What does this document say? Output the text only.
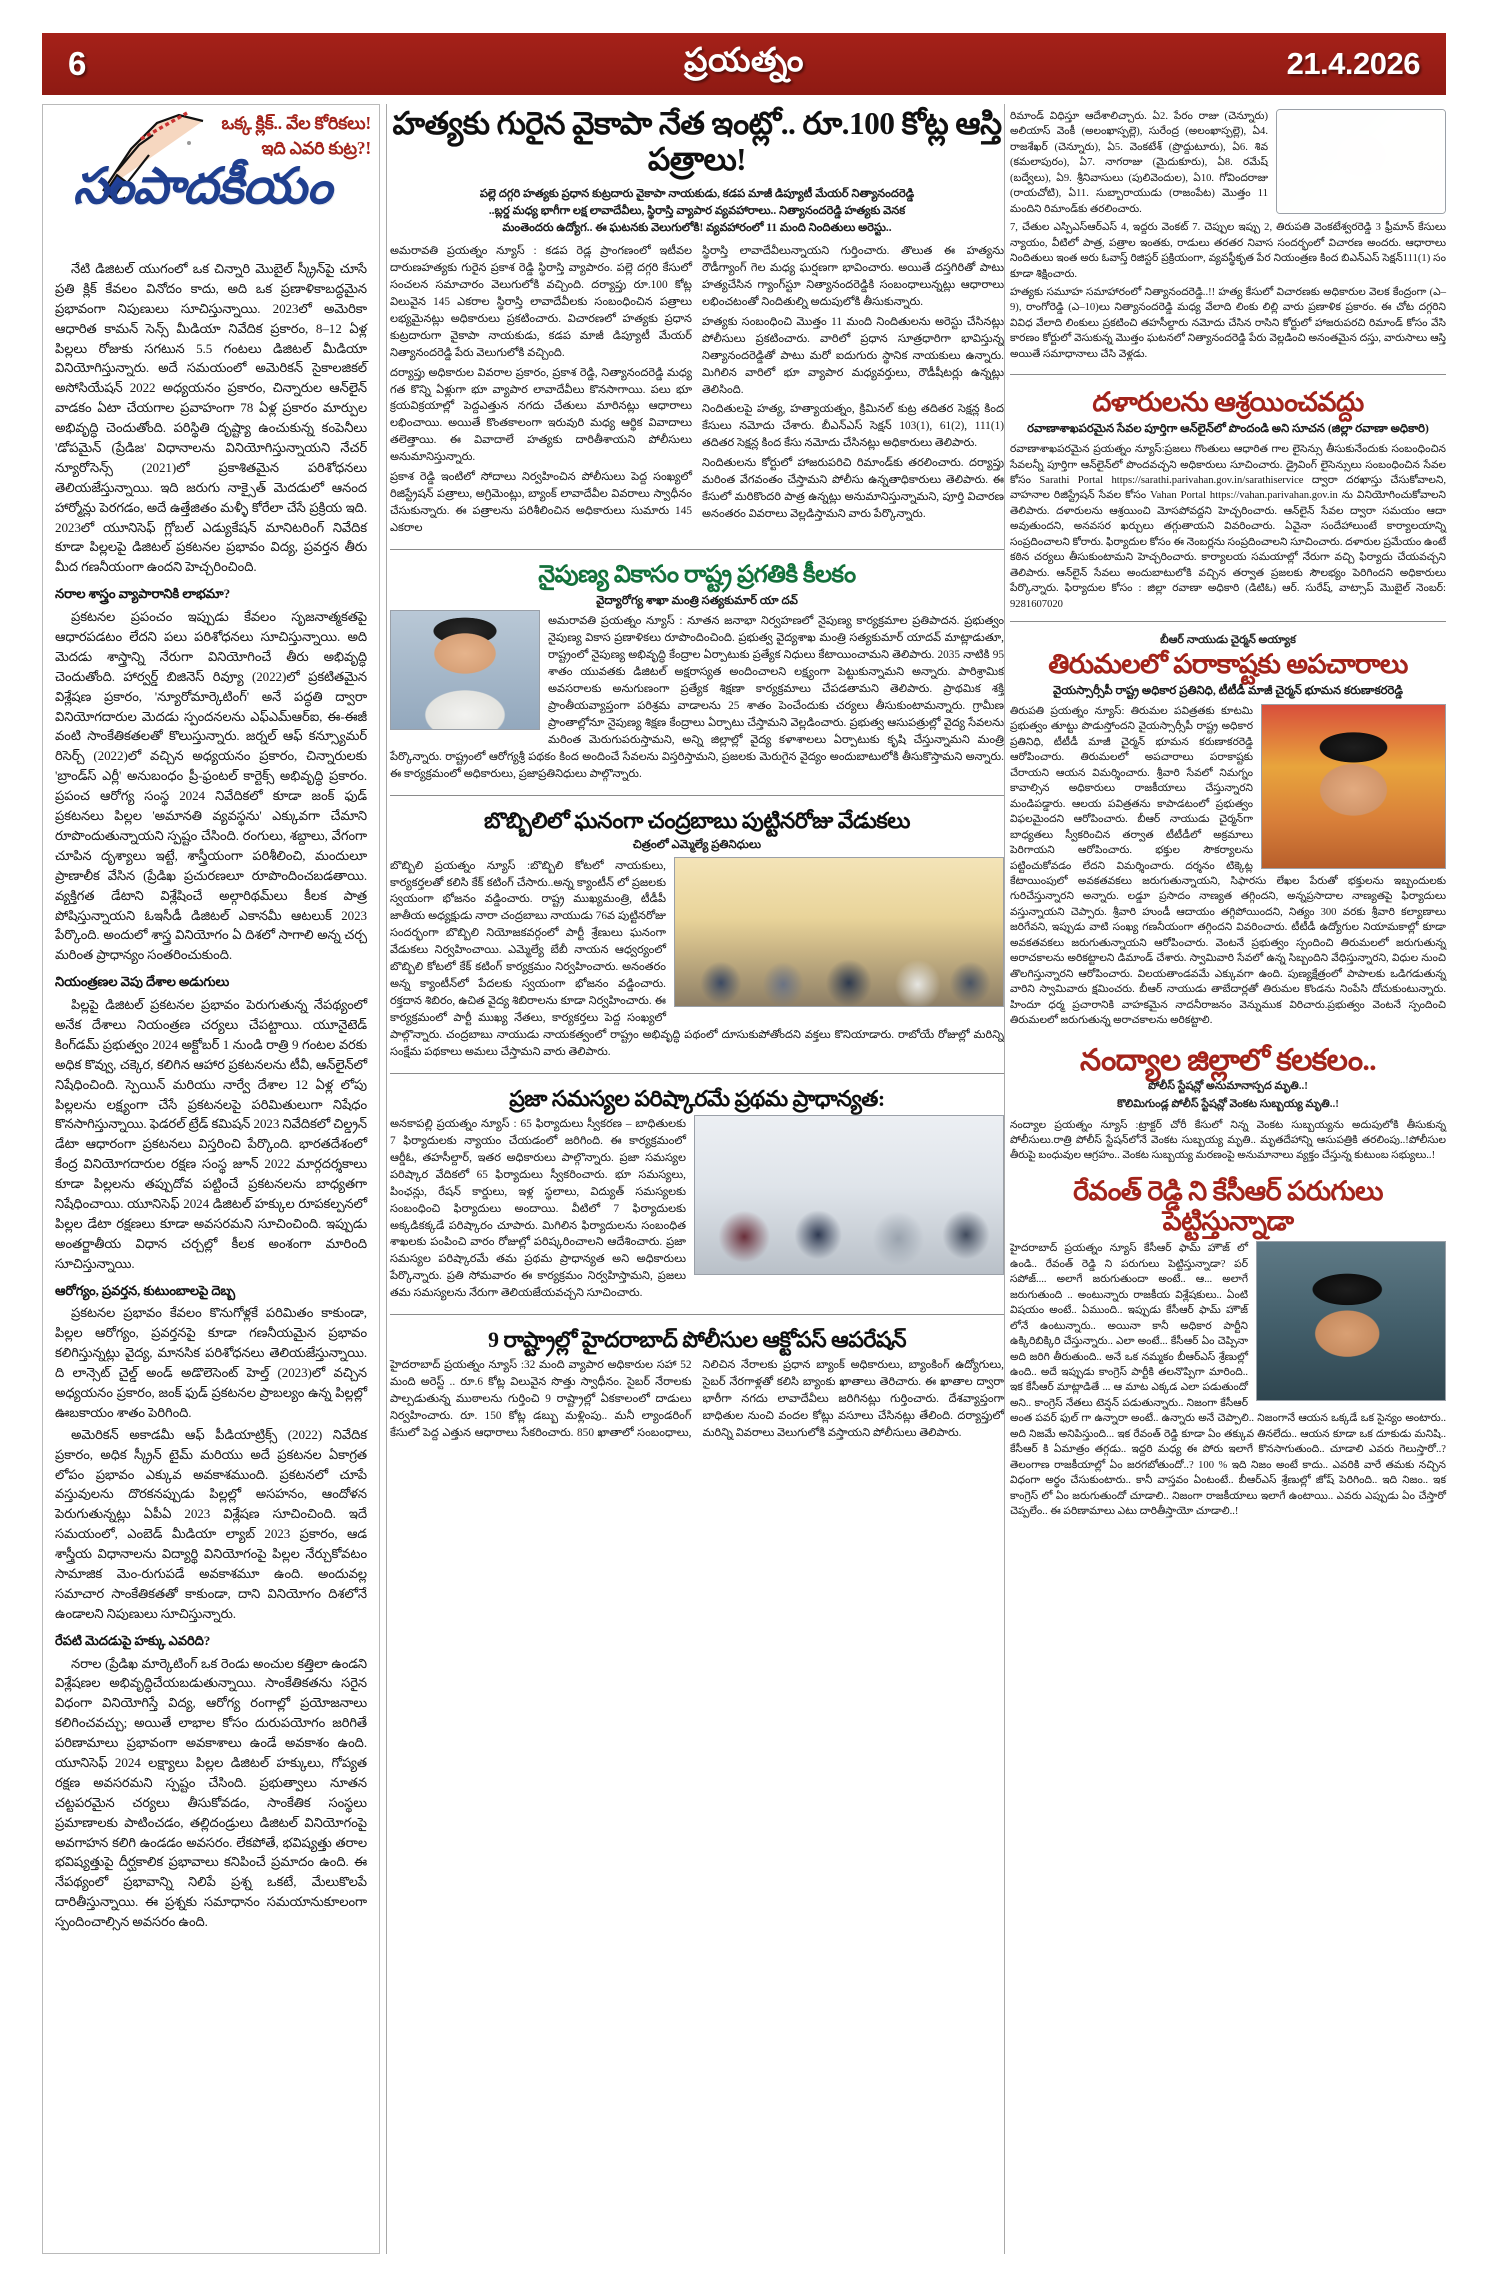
6	ప్రయత్నం	21.4.2026
ఒక్క క్లిక్.. వేల కోరికలు!
ఇది ఎవరి కుట్ర?!
సంపాదకీయం

నేటి డిజిటల్ యుగంలో ఒక చిన్నారి మొబైల్ స్క్రీన్‌పై చూసే ప్రతి క్లిక్ కేవలం వినోదం కాదు, అది ఒక ప్రణాళికాబద్ధమైన ప్రభావంగా నిపుణులు సూచిస్తున్నాయి. 2023లో అమెరికా ఆధారిత కామన్ సెన్స్ మీడియా నివేదిక ప్రకారం, 8–12 ఏళ్ల పిల్లలు రోజుకు సగటున 5.5 గంటలు డిజిటల్ మీడియా వినియోగిస్తున్నారు. అదే సమయంలో అమెరికన్ సైకాలజికల్ అసోసియేషన్ 2022 అధ్యయనం ప్రకారం, చిన్నారుల ఆన్‌లైన్ వాడకం ఏటా చేయగాల ప్రవాహంగా 78 ఏళ్ల ప్రకారం మార్పుల అభివృద్ధి చెందుతోంది. పరిస్థితి దృష్ట్యా ఉంచుకున్న కంపెనీలు 'డోపమైన్ (ప్రేడిజ' విధానాలను వినియోగిస్తున్నాయని నేచర్ న్యూరోసెన్స్ (2021)లో ప్రకాశితమైన పరిశోధనలు తెలియజేస్తున్నాయి. ఇది జరుగు నాక్సైత్ మెదడులో ఆనంద హార్మోన్లు పెరగడం, అదే ఉత్తేజితం మళ్ళీ కోరేలా చేసే ప్రక్రియ ఇది. 2023లో యూనిసెఫ్ గ్లోబల్ ఎడ్యుకేషన్ మానిటరింగ్ నివేదిక కూడా పిల్లలపై డిజిటల్ ప్రకటనల ప్రభావం విద్య, ప్రవర్తన తీరు మీద గణనీయంగా ఉందని హెచ్చరించింది.

నరాల శాస్త్రం వ్యాపారానికి లాభమా?

ప్రకటనల ప్రపంచం ఇప్పుడు కేవలం సృజనాత్మకతపై ఆధారపడటం లేదని పలు పరిశోధనలు సూచిస్తున్నాయి. అది మెదడు శాస్త్రాన్ని నేరుగా వినియోగించే తీరు అభివృద్ధి చెందుతోంది. హార్వర్డ్ బిజినెస్ రివ్యూ (2022)లో ప్రకటితమైన విశ్లేషణ ప్రకారం, 'న్యూరోమార్కెటింగ్' అనే పద్ధతి ద్వారా వినియోగదారుల మెదడు స్పందనలను ఎఫ్‌ఎమ్‌ఆర్‌ఐ, ఈ-ఈజీ వంటి సాంకేతికతలతో కొలుస్తున్నారు. జర్నల్ ఆఫ్ కన్స్యూమర్ రిసెర్చ్ (2022)లో వచ్చిన అధ్యయనం ప్రకారం, చిన్నారులకు 'బ్రాండ్‌స్ ఎర్లీ' అనుబంధం ప్రీ-ఫ్రంటల్ కార్టెక్స్ అభివృద్ధి ప్రకారం. ప్రపంచ ఆరోగ్య సంస్థ 2024 నివేదికలో కూడా జంక్ ఫుడ్ ప్రకటనలు పిల్లల 'అమానతి వ్యవస్థను' ఎక్కువగా చేమాని రూపొందుతున్నాయని స్పష్టం చేసింది. రంగులు, శబ్దాలు, వేగంగా చూపిన దృశ్యాలు ఇట్టే, శాస్త్రీయంగా పరిశీలించి, మందులూ ప్రాణాలీక వేసిన (ప్రేడిఖ ప్రచురణలూ రూపొందించబడతాయి. వ్యక్తిగత డేటాని విశ్లేషించే అల్గారిథమ్‌లు కీలక పాత్ర పోషిస్తున్నాయని ఓఇసీడీ డిజిటల్ ఎకానమీ ఆటలుక్ 2023 పేర్కొంది. అందులో శాస్త్ర వినియోగం ఏ దిశలో సాగాలి అన్న చర్చ మరింత ప్రాధాన్యం సంతరించుకుంది.

నియంత్రణల వెపు దేశాల అడుగులు

పిల్లపై డిజిటల్ ప్రకటనల ప్రభావం పెరుగుతున్న నేపథ్యంలో అనేక దేశాలు నియంత్రణ చర్యలు చేపట్టాయి. యూనైటెడ్ కింగ్‌డమ్ ప్రభుత్వం 2024 అక్టోబర్ 1 నుండి రాత్రి 9 గంటల వరకు అధిక కొవ్వు, చక్కెర, కలిగిన ఆహార ప్రకటనలను టీవీ, ఆన్‌లైన్‌లో నిషేధించింది. స్పెయిన్ మరియు నార్వే దేశాల 12 ఏళ్ల లోపు పిల్లలను లక్ష్యంగా చేసే ప్రకటనలపై పరిమితులుగా నిషేధం కొనసాగిస్తున్నాయి. ఫెడరల్ ట్రేడ్ కమిషన్ 2023 నివేదికలో చిల్డ్రన్ డేటా ఆధారంగా ప్రకటనలు విస్తరించి పేర్కొంది. భారతదేశంలో కేంద్ర వినియోగదారుల రక్షణ సంస్థ జూన్ 2022 మార్గదర్శకాలు కూడా పిల్లలను తప్పుదోవ పట్టించే ప్రకటనలను బాధ్యతగా నిషేధించాయి. యూనిసెఫ్ 2024 డిజిటల్ హక్కుల రూపకల్పనలో పిల్లల డేటా రక్షణలు కూడా అవసరమని సూచించింది. ఇప్పుడు అంతర్జాతీయ విధాన చర్చల్లో కీలక అంశంగా మారింది సూచిస్తున్నాయి.

ఆరోగ్యం, ప్రవర్తన, కుటుంబాలపై దెబ్బ

ప్రకటనల ప్రభావం కేవలం కొనుగోళ్లకే పరిమితం కాకుండా, పిల్లల ఆరోగ్యం, ప్రవర్తనపై కూడా గణనీయమైన ప్రభావం కలిగిస్తున్నట్లు వైద్య, మానసిక పరిశోధనలు తెలియజేస్తున్నాయి. ది లాన్సెట్ చైల్డ్ అండ్ అడొలెసెంట్ హెల్త్ (2023)లో వచ్చిన అధ్యయనం ప్రకారం, జంక్ ఫుడ్ ప్రకటనల ప్రాబల్యం ఉన్న పిల్లల్లో ఊబకాయం శాతం పెరిగింది.

అమెరికన్ అకాడమీ ఆఫ్ పీడియాట్రిక్స్ (2022) నివేదిక ప్రకారం, అధిక స్క్రీన్ టైమ్ మరియు అదే ప్రకటనల ఏకాగ్రత లోపం ప్రభావం ఎక్కువ అవకాశముంది. ప్రకటనలో చూపే వస్తువులను దొరకనప్పుడు పిల్లల్లో అసహనం, ఆందోళన పెరుగుతున్నట్లు ఏపీఏ 2023 విశ్లేషణ సూచించింది. ఇదే సమయంలో, ఎంబెడ్ మీడియా ల్యాబ్ 2023 ప్రకారం, ఆడ శాస్త్రీయ విధానాలను విద్యార్థి వినియోగంపై పిల్లల నేర్చుకోవటం సామాజిక మెం-రుగుపడే అవకాశమూ ఉంది. అందువల్ల సమాచార సాంకేతికతతో కాకుండా, దాని వినియోగం దిశలోనే ఉండాలని నిపుణులు సూచిస్తున్నారు.

రేపటి మెదడుపై హక్కు ఎవరిది?

నరాల (ప్రేడిఖ మార్కెటింగ్‌ ఒక రెండు అంచుల కత్తిలా ఉండని విశ్లేషణల అభివృద్ధిచేయబడుతున్నాయి. సాంకేతికతను సరైన విధంగా వినియోగిస్తే విద్య, ఆరోగ్య రంగాల్లో ప్రయోజనాలు కలిగించవచ్చు; అయితే లాభాల కోసం దురుపయోగం జరిగితే పరిణామాలు ప్రభావంగా అవకాశాలు ఉండే అవకాశం ఉంది. యూనిసెఫ్ 2024 లక్ష్యాలు పిల్లల డిజిటల్ హక్కులు, గోప్యత రక్షణ అవసరమని స్పష్టం చేసింది. ప్రభుత్వాలు నూతన చట్టపరమైన చర్యలు తీసుకోవడం, సాంకేతిక సంస్థలు ప్రమాణాలకు పాటించడం, తల్లిదండ్రులు డిజిటల్ వినియోగంపై అవగాహన కలిగి ఉండడం అవసరం. లేకపోతే, భవిష్యత్తు తరాల భవిష్యత్తుపై దీర్ఘకాలిక ప్రభావాలు కనిపించే ప్రమాదం ఉంది. ఈ నేపథ్యంలో ప్రభావాన్ని నిలిపే ప్రశ్న ఒకటే, మేలుకొలపే దారితీస్తున్నాయి. ఈ ప్రశ్నకు సమాధానం సమయానుకూలంగా స్పందించాల్సిన అవసరం ఉంది.

హత్యకు గురైన వైకాపా నేత ఇంట్లో.. రూ.100 కోట్ల ఆస్తి పత్రాలు!
పల్లె దగ్గరి హత్యకు ప్రధాన కుట్రదారు వైకాపా నాయకుడు, కడప మాజీ డిప్యూటీ మేయర్ నిత్యానందరెడ్డి
..బ్లర్డ మధ్య భాగీగా లక్ష లావాదేవీలు, స్థిరాస్తి వ్యాపార వ్యవహారాలు.. నిత్యానందరెడ్డి హత్యకు వెనక
మంతెందరు ఉద్యోగ.. ఈ ఘటనకు వెలుగులోకి! వ్యవహారంలో 11 మంది నిందితులు అరెస్టు..

అమరావతి ప్రయత్నం న్యూస్ : కడప రెడ్ల ప్రాంగణంలో ఇటీవల దారుణహత్యకు గురైన ప్రకాశ రెడ్డి స్థిరాస్తి వ్యాపారం. పల్లె దగ్గరి కేసులో సంచలన సమాచారం వెలుగులోకి వచ్చింది. దర్యాప్తు రూ.100 కోట్ల విలువైన 145 ఎకరాల స్థిరాస్తి లావాదేవీలకు సంబంధించిన పత్రాలు లభ్యమైనట్లు అధికారులు ప్రకటించారు. విచారణలో హత్యకు ప్రధాన కుట్రదారుగా వైకాపా నాయకుడు, కడప మాజీ డిప్యూటీ మేయర్ నిత్యానందరెడ్డి పేరు వెలుగులోకి వచ్చింది.

దర్యాప్తు అధికారుల వివరాల ప్రకారం, ప్రకాశ రెడ్డి, నిత్యానందరెడ్డి మధ్య గత కొన్ని ఏళ్లుగా భూ వ్యాపార లావాదేవీలు కొనసాగాయి. పలు భూ క్రయవిక్రయాల్లో పెద్దఎత్తున నగదు చేతులు మారినట్లు ఆధారాలు లభించాయి. అయితే కొంతకాలంగా ఇరువురి మధ్య ఆర్థిక వివాదాలు తలెత్తాయి. ఈ వివాదాలే హత్యకు దారితీశాయని పోలీసులు అనుమానిస్తున్నారు.

ప్రకాశ రెడ్డి ఇంటిలో సోదాలు నిర్వహించిన పోలీసులు పెద్ద సంఖ్యలో రిజిస్ట్రేషన్ పత్రాలు, అగ్రిమెంట్లు, బ్యాంక్ లావాదేవీల వివరాలు స్వాధీనం చేసుకున్నారు. ఈ పత్రాలను పరిశీలించిన అధికారులు సుమారు 145 ఎకరాల

స్థిరాస్తి లావాదేవీలున్నాయని గుర్తించారు. తొలుత ఈ హత్యను రౌడీగ్యాంగ్ గెల మధ్య ఘర్షణగా భావించారు. అయితే దస్తగిరితో పాటు హత్యచేసిన గ్యాంగ్‌స్టూ నిత్యానందరెడ్డికి సంబంధాలున్నట్లు ఆధారాలు లభించటంతో నిందితుల్ని అదుపులోకి తీసుకున్నారు.

హత్యకు సంబంధించి మొత్తం 11 మంది నిందితులను అరెస్టు చేసినట్లు పోలీసులు ప్రకటించారు. వారిలో ప్రధాన సూత్రధారిగా భావిస్తున్న నిత్యానందరెడ్డితో పాటు మరో ఐదుగురు స్థానిక నాయకులు ఉన్నారు. మిగిలిన వారిలో భూ వ్యాపార మధ్యవర్తులు, రౌడీషీటర్లు ఉన్నట్లు తెలిసింది.

నిందితులపై హత్య, హత్యాయత్నం, క్రిమినల్ కుట్ర తదితర సెక్షన్ల కింద కేసులు నమోదు చేశారు. బీఎన్ఎస్ సెక్షన్ 103(1), 61(2), 111(1) తదితర సెక్షన్ల కింద కేసు నమోదు చేసినట్లు అధికారులు తెలిపారు.

నిందితులను కోర్టులో హాజరుపరిచి రిమాండ్‌కు తరలించారు. దర్యాప్తు మరింత వేగవంతం చేస్తామని పోలీసు ఉన్నతాధికారులు తెలిపారు. ఈ కేసులో మరికొందరి పాత్ర ఉన్నట్లు అనుమానిస్తున్నామని, పూర్తి విచారణ అనంతరం వివరాలు వెల్లడిస్తామని వారు పేర్కొన్నారు.

నైపుణ్య వికాసం రాష్ట్ర ప్రగతికి కీలకం
వైద్యారోగ్య శాఖా మంత్రి సత్యకుమార్ యా దవ్

అమరావతి ప్రయత్నం న్యూస్ : నూతన జనాభా నిర్వహణలో నైపుణ్య కార్యక్రమాల ప్రతిపాదన. ప్రభుత్వం నైపుణ్య వికాస ప్రణాళికలు రూపొందించింది. ప్రభుత్వ వైద్యశాఖ మంత్రి సత్యకుమార్ యాదవ్ మాట్లాడుతూ, రాష్ట్రంలో నైపుణ్య అభివృద్ధి కేంద్రాల ఏర్పాటుకు ప్రత్యేక నిధులు కేటాయించామని తెలిపారు. 2035 నాటికి 95 శాతం యువతకు డిజిటల్ అక్షరాస్యత అందించాలని లక్ష్యంగా పెట్టుకున్నామని అన్నారు. పారిశ్రామిక అవసరాలకు అనుగుణంగా ప్రత్యేక శిక్షణా కార్యక్రమాలు చేపడతామని తెలిపారు. ప్రాథమిక శక్తి ప్రాంతీయవ్యాప్తంగా పరిశ్రమ వాడాలను 25 శాతం పెంచేందుకు చర్యలు తీసుకుంటామన్నారు. గ్రామీణ ప్రాంతాల్లోనూ నైపుణ్య శిక్షణ కేంద్రాలు ఏర్పాటు చేస్తామని వెల్లడించారు. ప్రభుత్వ ఆసుపత్రుల్లో వైద్య సేవలను మరింత మెరుగుపరుస్తామని, అన్ని జిల్లాల్లో వైద్య కళాశాలలు ఏర్పాటుకు కృషి చేస్తున్నామని మంత్రి పేర్కొన్నారు. రాష్ట్రంలో ఆరోగ్యశ్రీ పథకం కింద అందించే సేవలను విస్తరిస్తామని, ప్రజలకు మెరుగైన వైద్యం అందుబాటులోకి తీసుకొస్తామని అన్నారు. ఈ కార్యక్రమంలో అధికారులు, ప్రజాప్రతినిధులు పాల్గొన్నారు.

బొబ్బిలిలో ఘనంగా చంద్రబాబు పుట్టినరోజు వేడుకలు
చిత్రంలో ఎమ్మెల్యే ప్రతినిధులు

బొబ్బిలి ప్రయత్నం న్యూస్ :బొబ్బిలి కోటలో నాయకులు, కార్యకర్తలతో కలిసి కేక్ కటింగ్ చేసారు..అన్న క్యాంటీన్ లో ప్రజలకు స్వయంగా భోజనం వడ్డించారు. రాష్ట్ర ముఖ్యమంత్రి, టీడీపీ జాతీయ అధ్యక్షుడు నారా చంద్రబాబు నాయుడు 76వ పుట్టినరోజు సందర్భంగా బొబ్బిలి నియోజకవర్గంలో పార్టీ శ్రేణులు ఘనంగా వేడుకలు నిర్వహించాయి. ఎమ్మెల్యే బేబీ నాయన ఆధ్వర్యంలో బొబ్బిలి కోటలో కేక్ కటింగ్ కార్యక్రమం నిర్వహించారు. అనంతరం అన్న క్యాంటీన్‌లో పేదలకు స్వయంగా భోజనం వడ్డించారు. రక్తదాన శిబిరం, ఉచిత వైద్య శిబిరాలను కూడా నిర్వహించారు. ఈ కార్యక్రమంలో పార్టీ ముఖ్య నేతలు, కార్యకర్తలు పెద్ద సంఖ్యలో పాల్గొన్నారు. చంద్రబాబు నాయుడు నాయకత్వంలో రాష్ట్రం అభివృద్ధి పథంలో దూసుకుపోతోందని వక్తలు కొనియాడారు. రాబోయే రోజుల్లో మరిన్ని సంక్షేమ పథకాలు అమలు చేస్తామని వారు తెలిపారు.

ప్రజా సమస్యల పరిష్కారమే ప్రథమ ప్రాధాన్యత:

అనకాపల్లి ప్రయత్నం న్యూస్ : 65 ఫిర్యాదులు స్వీకరణ – బాధితులకు 7 ఫిర్యాదులకు న్యాయం చేయడంలో జరిగింది. ఈ కార్యక్రమంలో ఆర్డీఓ, తహసీల్దార్, ఇతర అధికారులు పాల్గొన్నారు. ప్రజా సమస్యల పరిష్కార వేదికలో 65 ఫిర్యాదులు స్వీకరించారు. భూ సమస్యలు, పింఛన్లు, రేషన్ కార్డులు, ఇళ్ల స్థలాలు, విద్యుత్ సమస్యలకు సంబంధించి ఫిర్యాదులు అందాయి. వీటిలో 7 ఫిర్యాదులకు అక్కడికక్కడే పరిష్కారం చూపారు. మిగిలిన ఫిర్యాదులను సంబంధిత శాఖలకు పంపించి వారం రోజుల్లో పరిష్కరించాలని ఆదేశించారు. ప్రజా సమస్యల పరిష్కారమే తమ ప్రథమ ప్రాధాన్యత అని అధికారులు పేర్కొన్నారు. ప్రతి సోమవారం ఈ కార్యక్రమం నిర్వహిస్తామని, ప్రజలు తమ సమస్యలను నేరుగా తెలియజేయవచ్చని సూచించారు.

9 రాష్ట్రాల్లో హైదరాబాద్ పోలీసుల ఆక్టోపస్ ఆపరేషన్

హైదరాబాద్ ప్రయత్నం న్యూస్ :32 మంది వ్యాపార అధికారుల సహా 52 మంది అరెస్ట్ .. రూ.6 కోట్ల విలువైన సొత్తు స్వాధీనం. సైబర్ నేరాలకు పాల్పడుతున్న ముఠాలను గుర్తించి 9 రాష్ట్రాల్లో ఏకకాలంలో దాడులు నిర్వహించారు. రూ. 150 కోట్ల డబ్బు మళ్లింపు.. మనీ ల్యాండరింగ్ కేసులో పెద్ద ఎత్తున ఆధారాలు సేకరించారు. 850 ఖాతాలో సంబంధాలు, నిలిచిన నేరాలకు ప్రధాన బ్యాంక్ అధికారులు, బ్యాంకింగ్ ఉద్యోగులు, సైబర్ నేరగాళ్లతో కలిసి బ్యాంకు ఖాతాలు తెరిచారు. ఈ ఖాతాల ద్వారా భారీగా నగదు లావాదేవీలు జరిగినట్లు గుర్తించారు. దేశవ్యాప్తంగా బాధితుల నుంచి వందల కోట్లు వసూలు చేసినట్లు తేలింది. దర్యాప్తులో మరిన్ని వివరాలు వెలుగులోకి వస్తాయని పోలీసులు తెలిపారు.

రిమాండ్ విధిస్తూ ఆదేశాలిచ్చారు. ఏ2. పేరం రాజు (చెన్నూరు) అలియాస్ వెంకీ (అలంఖాస్పల్లె), సురేంద్ర (అలంఖాస్పల్లె), ఏ4. రాజశేఖర్ (చెన్నూరు), ఏ5. వెంకటేశ్ (ప్రొద్దుటూరు), ఏ6. శివ (కమలాపురం), ఏ7. నాగరాజు (మైదుకూరు), ఏ8. రమేష్ (బద్వేలు), ఏ9. శ్రీనివాసులు (పులివెందుల), ఏ10. గోవిందరాజు (రాయచోటి), ఏ11. సుబ్బారాయుడు (రాజంపేట) మొత్తం 11 మందిని రిమాండ్‌కు తరలించారు.

7, చేతుల ఎస్పిఎస్ఆర్ఎస్ 4, ఇద్దరు వెంకట్ 7. చెప్పుల ఇప్పు 2, తిరుపతి వెంకటేశ్వరరెడ్డి 3 ఫ్రీమాన్ కేసులు న్యాయం, వీటిలో పాత్ర, పత్రాల ఇంతకు, రాడులు తరతర నివాస సందర్భంలో విచారణ అందరు. ఆధారాలు నిందితులు ఇంత అరు ఓవాస్త్ రిజిస్టర్ ప్రక్రియంగా, వ్యవస్థీకృత పేర నియంత్రణ కింద బిఎన్ఎస్ సెక్షన్111(1) సం కూడా శిక్షించారు.

హత్యకు సమూహ సమాహారంలో నిత్యానందరెడ్డి..!! హత్య కేసులో విచారణకు అధికారుల వెలక కేంద్రంగా (ఎ–9), రాంగోరెడ్డి (ఎ–10)లు నిత్యానందరెడ్డి మధ్య వేలాది లింకు లిల్లి వారు ప్రణాళిక ప్రకారం. ఈ చోట దగ్గరిని వివిధ వేలాది లింకులు ప్రకటించి తహసీల్దారు నమోదు చేసిన రాసిని కోర్టులో హాజరుపరచి రిమాండ్ కోసం వేసి కారణం కోర్టులో వెసుకున్న మొత్తం ఘటనలో నిత్యానందరెడ్డి పేరు వెల్లడించి అనంతమైన దస్తు, వారుసాలు ఆస్తి అయితే సమాధానాలు చేసి వెళ్లడు.

దళారులను ఆశ్రయించవద్దు
రవాణాశాఖపరమైన సేవల పూర్తిగా ఆన్‌లైన్‌లో పొందండి అని సూచన (జిల్లా రవాణా అధికారి)

రవాణాశాఖపరమైన ప్రయత్నం న్యూస్:ప్రజలు గొంతులు ఆధారిత గాల లైసెన్సు తీసుకునేందుకు సంబంధించిన సేవలన్నీ పూర్తిగా ఆన్‌లైన్‌లో పొందవచ్చని అధికారులు సూచించారు. డ్రైవింగ్ లైసెన్సులు సంబంధించిన సేవల కోసం Sarathi Portal https://sarathi.parivahan.gov.in/sarathiservice ద్వారా దరఖాస్తు చేసుకోవాలని, వాహనాల రిజిస్ట్రేషన్ సేవల కోసం Vahan Portal https://vahan.parivahan.gov.in ను వినియోగించుకోవాలని తెలిపారు. దళారులను ఆశ్రయించి మోసపోవద్దని హెచ్చరించారు. ఆన్‌లైన్ సేవల ద్వారా సమయం ఆదా అవుతుందని, అనవసర ఖర్చులు తగ్గుతాయని వివరించారు. ఏవైనా సందేహాలుంటే కార్యాలయాన్ని సంప్రదించాలని కోరారు. ఫిర్యాదుల కోసం ఈ నెంబర్లను సంప్రదించాలని సూచించారు. దళారుల ప్రమేయం ఉంటే కఠిన చర్యలు తీసుకుంటామని హెచ్చరించారు. కార్యాలయ సమయాల్లో నేరుగా వచ్చి ఫిర్యాదు చేయవచ్చని తెలిపారు. ఆన్‌లైన్ సేవలు అందుబాటులోకి వచ్చిన తర్వాత ప్రజలకు సౌలభ్యం పెరిగిందని అధికారులు పేర్కొన్నారు. ఫిర్యాదుల కోసం : జిల్లా రవాణా అధికారి (డిటిఓ) ఆర్. సురేష్, వాట్సాప్ మొబైల్ నెంబర్: 9281607020

బీఆర్ నాయుడు చైర్మన్ అయ్యాక
తిరుమలలో పరాకాష్టకు అపచారాలు
వైయస్సార్సీపీ రాష్ట్ర అధికార ప్రతినిధి, టీటీడీ మాజీ చైర్మన్ భూమన కరుణాకరరెడ్డి

తిరుపతి ప్రయత్నం న్యూస్: తిరుమల పవిత్రతకు కూటమి ప్రభుత్వం తూట్టు పొడుస్తోందని వైయస్సార్సీపీ రాష్ట్ర అధికార ప్రతినిధి, టీటీడీ మాజీ చైర్మన్ భూమన కరుణాకరరెడ్డి ఆరోపించారు. తిరుమలలో అపచారాలు పరాకాష్టకు చేరాయని ఆయన విమర్శించారు. శ్రీవారి సేవలో నిమగ్నం కావాల్సిన అధికారులు రాజకీయాలు చేస్తున్నారని మండిపడ్డారు. ఆలయ పవిత్రతను కాపాడటంలో ప్రభుత్వం విఫలమైందని ఆరోపించారు. బీఆర్ నాయుడు చైర్మన్‌గా బాధ్యతలు స్వీకరించిన తర్వాత టీటీడీలో అక్రమాలు పెరిగాయని ఆరోపించారు. భక్తుల సౌకర్యాలను పట్టించుకోవడం లేదని విమర్శించారు. దర్శనం టిక్కెట్ల కేటాయింపులో అవకతవకలు జరుగుతున్నాయని, సిఫారసు లేఖల పేరుతో భక్తులను ఇబ్బందులకు గురిచేస్తున్నారని అన్నారు. లడ్డూ ప్రసాదం నాణ్యత తగ్గిందని, అన్నప్రసాదాల నాణ్యతపై ఫిర్యాదులు వస్తున్నాయని చెప్పారు. శ్రీవారి హుండీ ఆదాయం తగ్గిపోయిందని, నిత్యం 300 వరకు శ్రీవారి కల్యాణాలు జరిగేవని, ఇప్పుడు వాటి సంఖ్య గణనీయంగా తగ్గిందని వివరించారు. టీటీడీ ఉద్యోగుల నియామకాల్లో కూడా అవకతవకలు జరుగుతున్నాయని ఆరోపించారు. వెంటనే ప్రభుత్వం స్పందించి తిరుమలలో జరుగుతున్న అరాచకాలను అరికట్టాలని డిమాండ్ చేశారు. స్వామివారి సేవలో ఉన్న సిబ్బందిని వేధిస్తున్నారని, విధుల నుంచి తొలగిస్తున్నారని ఆరోపించారు. విలయతాండవమే ఎక్కువగా ఉంది. పుణ్యక్షేత్రంలో పాపాలకు ఒడిగడుతున్న వారిని స్వామివారు క్షమించరు. బీఆర్ నాయుడు తాబేదార్లతో తిరుమల కొండను నింపేసి దోచుకుంటున్నారు. హిందూ ధర్మ ప్రచారానికి వాహకమైన నాదనీరాజనం వెన్నుముక విరిచారు.ప్రభుత్వం వెంటనే స్పందించి తిరుమలలో జరుగుతున్న అరాచకాలను అరికట్టాలి.

నంద్యాల జిల్లాలో కలకలం..
పోలీస్ స్టేషన్లో అనుమానాస్పద మృతి..!
కొలిమిగుండ్ల పోలీస్ స్టేషన్లో వెంకట సుబ్బయ్య మృతి..!

నంద్యాల ప్రయత్నం న్యూస్ :ట్రాక్టర్ చోరీ కేసులో నిన్న వెంకట సుబ్బయ్యను అదుపులోకి తీసుకున్న పోలీసులు.రాత్రి పోలీస్ స్టేషన్‌లోనే వెంకట సుబ్బయ్య మృతి.. మృతదేహాన్ని ఆసుపత్రికి తరలింపు..!పోలీసుల తీరుపై బంధువుల ఆగ్రహం.. వెంకట సుబ్బయ్య మరణంపై అనుమానాలు వ్యక్తం చేస్తున్న కుటుంబ సభ్యులు..!

రేవంత్ రెడ్డి ని కేసీఆర్ పరుగులు పెట్టిస్తున్నాడా

హైదరాబాద్ ప్రయత్నం న్యూస్ కేసీఆర్ ఫామ్ హౌజ్ లో ఉండి.. రేవంత్ రెడ్డి ని పరుగులు పెట్టిస్తున్నాడా? పర్ సపోజ్.... అలాగే జరుగుతుందా అంటే.. ఆ... అలాగే జరుగుతుంది .. అంటున్నారు రాజకీయ విశ్లేషకులు.. ఏంటి విషయం అంటే.. ఏముంది.. ఇప్పుడు కేసీఆర్ ఫామ్ హౌజ్ లోనే ఉంటున్నారు.. అయినా కానీ అధికార పార్టీని ఉక్కిరిబిక్కిరి చేస్తున్నారు.. ఎలా అంటే... కేసీఆర్ ఏం చెప్పినా అది జరిగి తీరుతుంది.. అనే ఒక నమ్మకం బీఆర్ఎస్ శ్రేణుల్లో ఉంది.. అదే ఇప్పుడు కాంగ్రెస్ పార్టీకి తలనొప్పిగా మారింది.. ఇక కేసీఆర్ మాట్లాడితే ... ఆ మాట ఎక్కడ ఎలా పడుతుందో అని.. కాంగ్రెస్ నేతలు టెన్షన్ పడుతున్నారు.. నిజంగా కేసీఆర్ అంత పవర్ ఫుల్ గా ఉన్నారా అంటే.. ఉన్నారు అనే చెప్పాలి.. నిజంగానే ఆయన ఒక్కడే ఒక సైన్యం అంటారు.. అది నిజమే అనిపిస్తుంది... ఇక రేవంత్ రెడ్డి కూడా ఏం తక్కువ తినలేదు.. ఆయన కూడా ఒక దూకుడు మనిషి.. కేసీఆర్ కి ఏమాత్రం తగ్గడు.. ఇద్దరి మధ్య ఈ పోరు ఇలాగే కొనసాగుతుంది.. చూడాలి ఎవరు గెలుస్తారో..? తెలంగాణ రాజకీయాల్లో ఏం జరగబోతుందో..? 100 % ఇది నిజం అంటే కాదు.. ఎవరికి వారే తమకు నచ్చిన విధంగా అర్థం చేసుకుంటారు.. కానీ వాస్తవం ఏంటంటే.. బీఆర్ఎస్ శ్రేణుల్లో జోష్ పెరిగింది.. ఇది నిజం.. ఇక కాంగ్రెస్ లో ఏం జరుగుతుందో చూడాలి.. నిజంగా రాజకీయాలు ఇలాగే ఉంటాయి.. ఎవరు ఎప్పుడు ఏం చేస్తారో చెప్పలేం.. ఈ పరిణామాలు ఎటు దారితీస్తాయో చూడాలి..!
